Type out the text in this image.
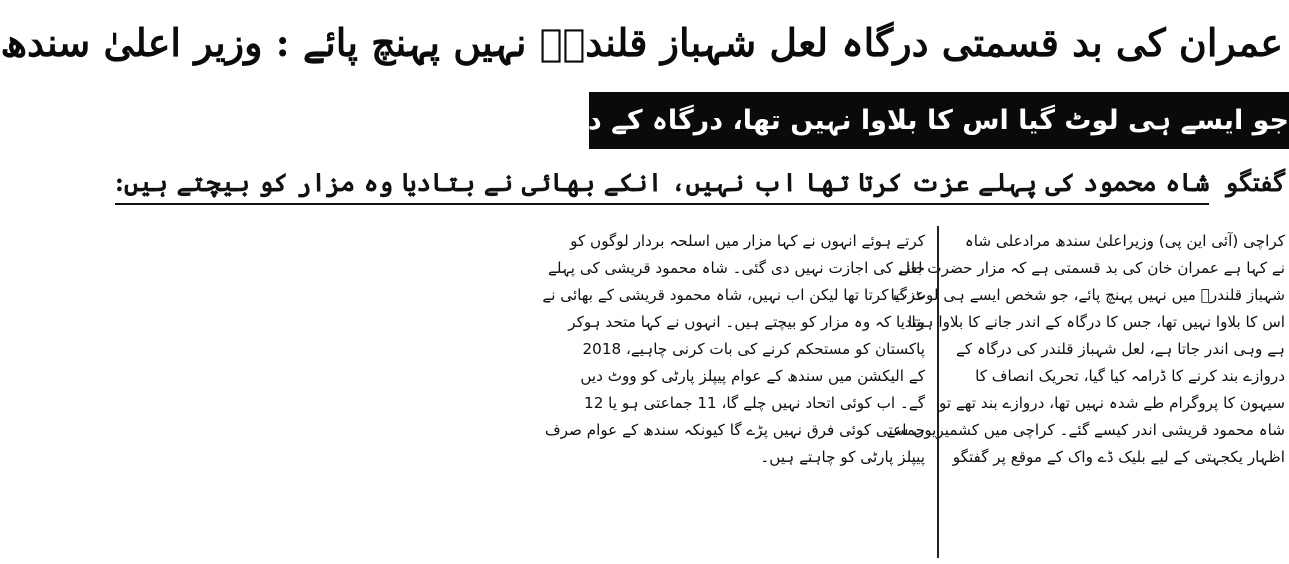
عمران کی بد قسمتی درگاہ لعل شہباز قلندرؒ نہیں پہنچ پائے : وزیر اعلیٰ سندھ
جو ایسے ہی لوٹ گیا اس کا بلاوا نہیں تھا، درگاہ کے دروازے بند کرنے کا ڈرامہ کیا گیا
گفتگو شاہ محمود کی پہلے عزت کرتا تھا اب نہیں، انکے بھائی نے بتادیا وہ مزار کو بیچتے ہیں:
کراچی (آئی این پی) وزیراعلیٰ سندھ مرادعلی شاہ
نے کہا ہے عمران خان کی بد قسمتی ہے کہ مزار حضرت لعل
شہباز قلندرؒ میں نہیں پہنچ پائے، جو شخص ایسے ہی لوٹ گیا
اس کا بلاوا نہیں تھا، جس کا درگاہ کے اندر جانے کا بلاوا ہوتا
ہے وہی اندر جاتا ہے، لعل شہباز قلندر کی درگاہ کے
دروازے بند کرنے کا ڈرامہ کیا گیا، تحریک انصاف کا
سیہون کا پروگرام طے شدہ نہیں تھا، دروازے بند تھے تو
شاہ محمود قریشی اندر کیسے گئے۔ کراچی میں کشمیریوں سے
اظہار یکجہتی کے لیے بلیک ڈے واک کے موقع پر گفتگو
کرتے ہوئے انہوں نے کہا مزار میں اسلحہ بردار لوگوں کو
جانے کی اجازت نہیں دی گئی۔ شاہ محمود قریشی کی پہلے
عزت کرتا تھا لیکن اب نہیں، شاہ محمود قریشی کے بھائی نے
بتادیا کہ وہ مزار کو بیچتے ہیں۔ انہوں نے کہا متحد ہوکر
پاکستان کو مستحکم کرنے کی بات کرنی چاہیے، 2018
کے الیکشن میں سندھ کے عوام پیپلز پارٹی کو ووٹ دیں
گے۔ اب کوئی اتحاد نہیں چلے گا، 11 جماعتی ہو یا 12
جماعتی کوئی فرق نہیں پڑے گا کیونکہ سندھ کے عوام صرف
پیپلز پارٹی کو چاہتے ہیں۔
